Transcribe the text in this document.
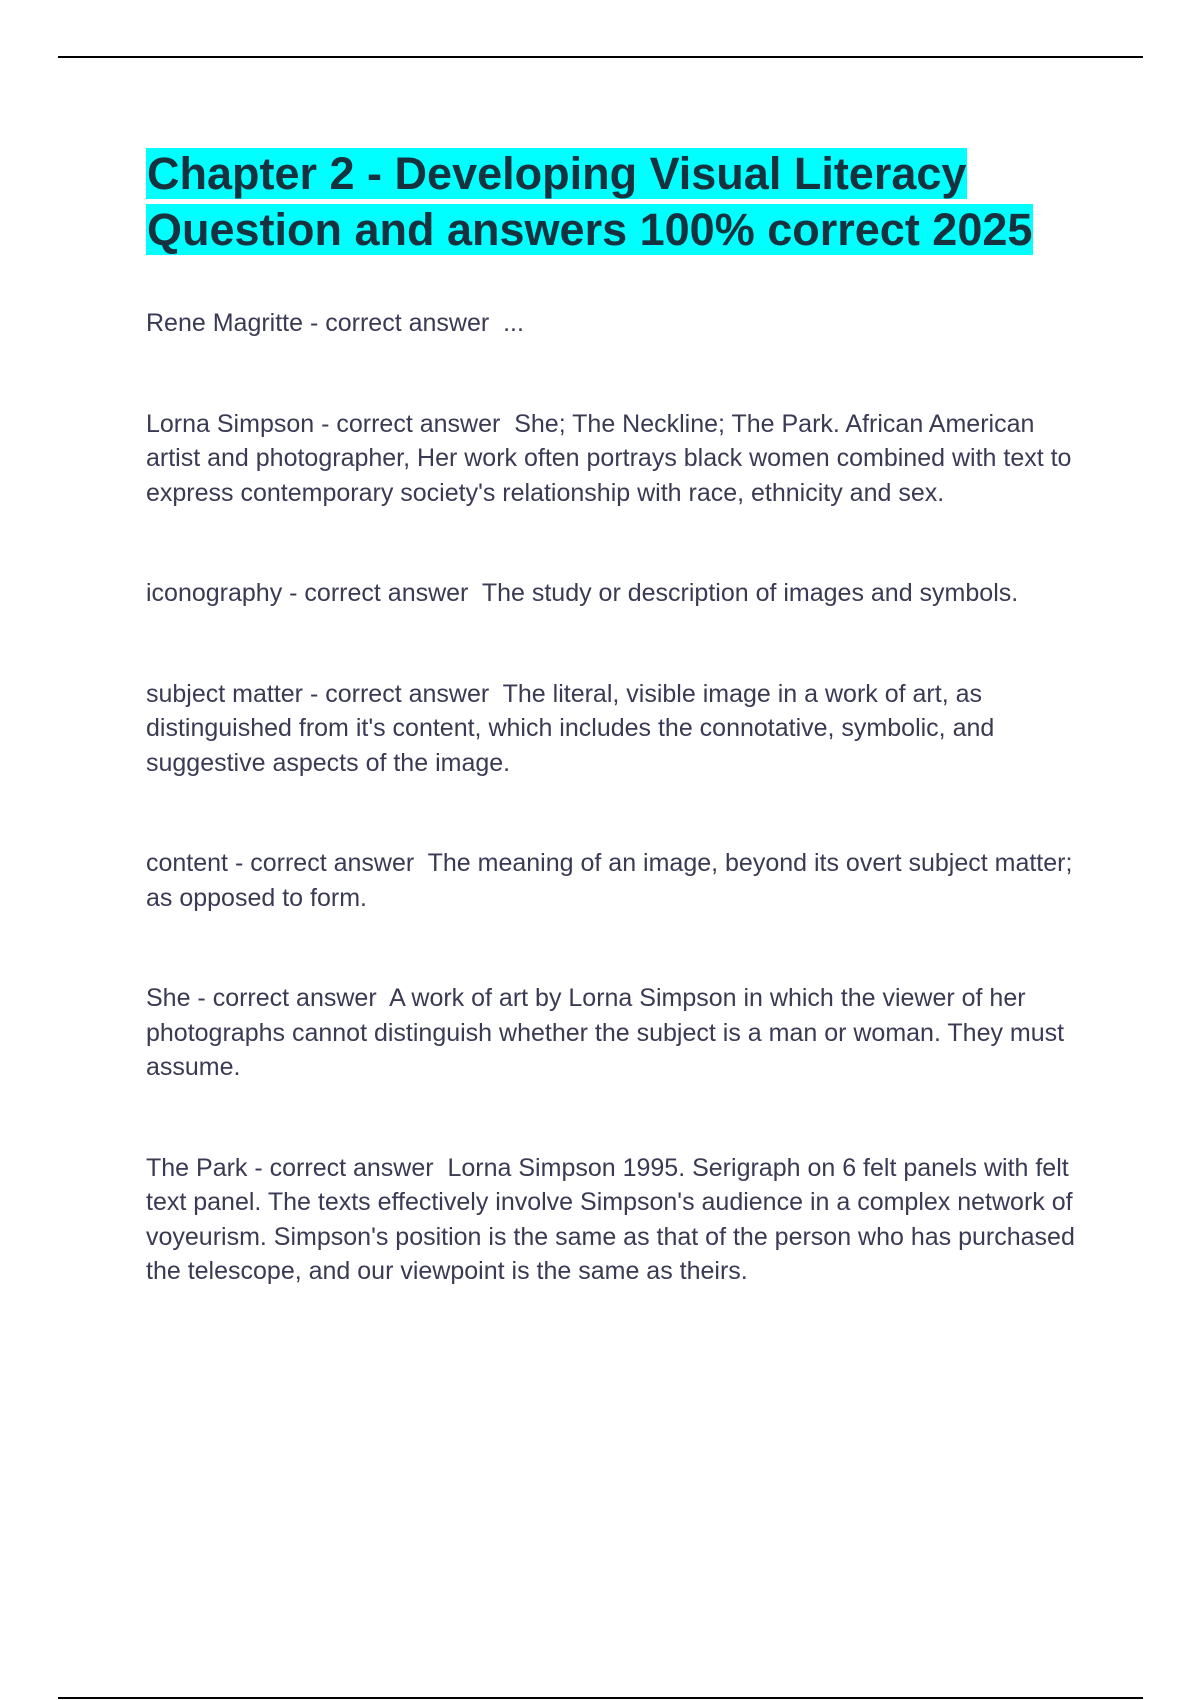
Chapter 2 - Developing Visual Literacy Question and answers 100% correct 2025

Rene Magritte - correct answer  ...

Lorna Simpson - correct answer  She; The Neckline; The Park. African American artist and photographer, Her work often portrays black women combined with text to express contemporary society's relationship with race, ethnicity and sex.

iconography - correct answer  The study or description of images and symbols.

subject matter - correct answer  The literal, visible image in a work of art, as distinguished from it's content, which includes the connotative, symbolic, and suggestive aspects of the image.

content - correct answer  The meaning of an image, beyond its overt subject matter; as opposed to form.

She - correct answer  A work of art by Lorna Simpson in which the viewer of her photographs cannot distinguish whether the subject is a man or woman. They must assume.

The Park - correct answer  Lorna Simpson 1995. Serigraph on 6 felt panels with felt text panel. The texts effectively involve Simpson's audience in a complex network of voyeurism. Simpson's position is the same as that of the person who has purchased the telescope, and our viewpoint is the same as theirs.
